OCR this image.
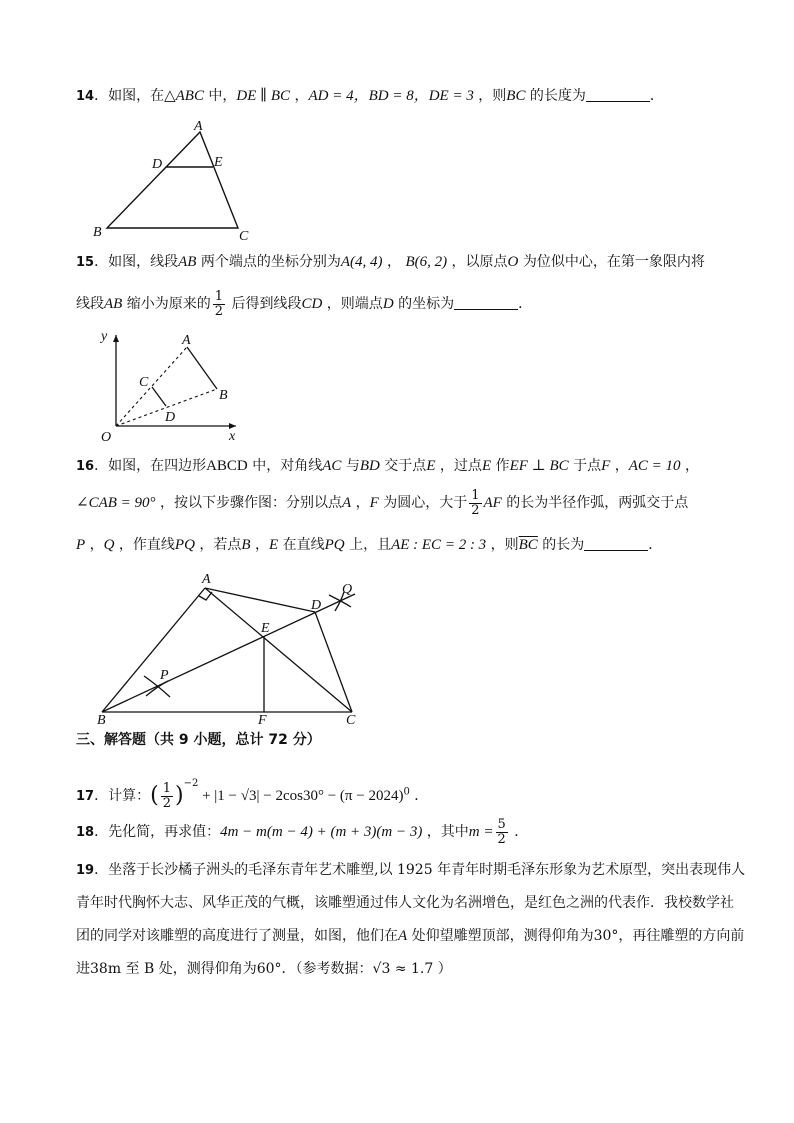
14．如图，在△ABC 中，DE ∥ BC ，AD = 4，BD = 8，DE = 3 ，则BC 的长度为	．
A
B	C
D	E
15．如图，线段AB 两个端点的坐标分别为A(4, 4) ， B(6, 2) ，以原点O 为位似中心，在第一象限内将
线段AB 缩小为原来的 $\frac{1}{2}$ 后得到线段CD ，则端点D 的坐标为	．
y
x
O
A
B
C
D
16．如图，在四边形ABCD 中，对角线AC 与BD 交于点E ，过点E 作EF ⊥ BC 于点F ，AC = 10 ，
∠CAB = 90° ，按以下步骤作图：分别以点A ，F 为圆心，大于 $\frac{1}{2}$ AF 的长为半径作弧，两弧交于点
P ，Q ，作直线PQ ，若点B ，E 在直线PQ 上，且AE : EC = 2 : 3 ，则$\overline{BC}$ 的长为	．
A
B	C
D
E
F
P
Q
三、解答题（共 9 小题，总计 72 分）
17．计算：( $\frac{1}{2} )^{-2} + |1 - √3| - 2\cos 30^\circ - (\pi - 2024)^0$ ．
18．先化简，再求值：4m − m(m − 4) + (m + 3)(m − 3) ，其中$m = \frac{5}{2}$ ．
19．坐落于长沙橘子洲头的毛泽东青年艺术雕塑,以 1925 年青年时期毛泽东形象为艺术原型，突出表现伟人青年时代胸怀大志、风华正茂的气概，该雕塑通过伟人文化为名洲增色，是红色之洲的代表作．我校数学社团的同学对该雕塑的高度进行了测量，如图，他们在A 处仰望雕塑顶部，测得仰角为30°，再往雕塑的方向前进38m 至 B 处，测得仰角为60°．（参考数据：√3 ≈ 1.7 ）
